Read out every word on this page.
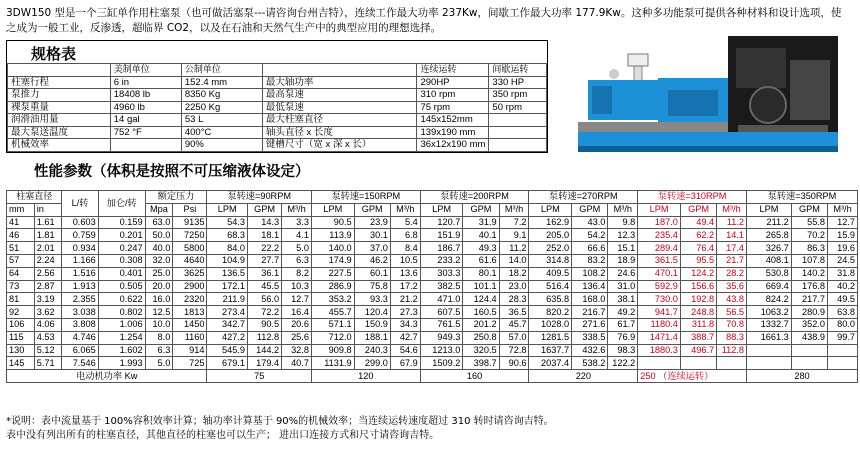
3DW150 型是一个三缸单作用柱塞泵（也可做活塞泵---请咨询台州吉特），连续工作最大功率 237Kw，间歇工作最大功率 177.9Kw。这种多功能泵可提供各种材料和设计选项，使
之成为一般工业，反渗透，超临界 CO2，以及在石油和天然气生产中的典型应用的理想选择。
规格表
	美制单位	公制单位		连续运转	间歇运转
柱塞行程	6 in	152.4 mm	最大轴功率	290HP	330 HP
泵推力	18408 lb	8350 Kg	最高泵速	310 rpm	350 rpm
裸泵重量	4960 lb	2250 Kg	最低泵速	75 rpm	50 rpm
润滑油用量	14 gal	53 L	最大柱塞直径	145x152mm	
最大泵送温度	752 °F	400°C	轴头直径 x 长度	139x190 mm	
机械效率		90%	键槽尺寸（宽 x 深 x 长）	36x12x190 mm	
性能参数（体积是按照不可压缩液体设定）
柱塞直径		L/转	加仑/转	额定压力		泵转速=90RPM			泵转速=150RPM			泵转速=200RPM			泵转速=270RPM			泵转速=310RPM			泵转速=350RPM		
mm	in			Mpa	Psi	LPM	GPM	M³/h	LPM	GPM	M³/h	LPM	GPM	M³/h	LPM	GPM	M³/h	LPM	GPM	M³/h	LPM	GPM	M³/h

41	1.61	0.603	0.159	63.0	9135	54.3	14.3	3.3	90.5	23.9	5.4	120.7	31.9	7.2	162.9	43.0	9.8	187.0	49.4	11.2	211.2	55.8	12.7
46	1.81	0.759	0.201	50.0	7250	68.3	18.1	4.1	113.9	30.1	6.8	151.9	40.1	9.1	205.0	54.2	12.3	235.4	62.2	14.1	265.8	70.2	15.9
51	2.01	0.934	0.247	40.0	5800	84.0	22.2	5.0	140.0	37.0	8.4	186.7	49.3	11.2	252.0	66.6	15.1	289.4	76.4	17.4	326.7	86.3	19.6
57	2.24	1.166	0.308	32.0	4640	104.9	27.7	6.3	174.9	46.2	10.5	233.2	61.6	14.0	314.8	83.2	18.9	361.5	95.5	21.7	408.1	107.8	24.5
64	2.56	1.516	0.401	25.0	3625	136.5	36.1	8.2	227.5	60.1	13.6	303.3	80.1	18.2	409.5	108.2	24.6	470.1	124.2	28.2	530.8	140.2	31.8
73	2.87	1.913	0.505	20.0	2900	172.1	45.5	10.3	286.9	75.8	17.2	382.5	101.1	23.0	516.4	136.4	31.0	592.9	156.6	35.6	669.4	176.8	40.2
81	3.19	2.355	0.622	16.0	2320	211.9	56.0	12.7	353.2	93.3	21.2	471.0	124.4	28.3	635.8	168.0	38.1	730.0	192.8	43.8	824.2	217.7	49.5
92	3.62	3.038	0.802	12.5	1813	273.4	72.2	16.4	455.7	120.4	27.3	607.5	160.5	36.5	820.2	216.7	49.2	941.7	248.8	56.5	1063.2	280.9	63.8
106	4.06	3.808	1.006	10.0	1450	342.7	90.5	20.6	571.1	150.9	34.3	761.5	201.2	45.7	1028.0	271.6	61.7	1180.4	311.8	70.8	1332.7	352.0	80.0
115	4.53	4.746	1.254	8.0	1160	427.2	112.8	25.6	712.0	188.1	42.7	949.3	250.8	57.0	1281.5	338.5	76.9	1471.4	388.7	88.3	1661.3	438.9	99.7
130	5.12	6.065	1.602	6.3	914	545.9	144.2	32.8	909.8	240.3	54.6	1213.0	320.5	72.8	1637.7	432.6	98.3	1880.3	496.7	112.8			
145	5.71	7.546	1.993	5.0	725	679.1	179.4	40.7	1131.9	299.0	67.9	1509.2	398.7	90.6	2037.4	538.2	122.2						
电动机功率 Kw						75			120			160			220			250 （连续运转）			280		
*说明：表中流量基于 100%容积效率计算；轴功率计算基于 90%的机械效率；当连续运转速度超过 310 转时请咨询吉特。
表中没有列出所有的柱塞直径，其他直径的柱塞也可以生产； 进出口连接方式和尺寸请咨询吉特。
